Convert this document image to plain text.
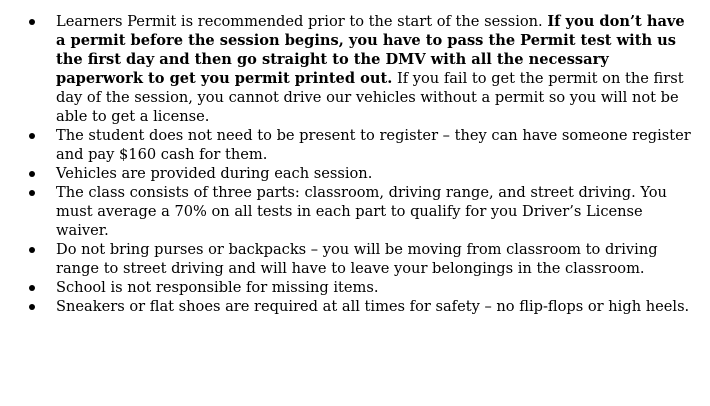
Learners Permit is recommended prior to the start of the session. If you don’t have a permit before the session begins, you have to pass the Permit test with us the first day and then go straight to the DMV with all the necessary paperwork to get you permit printed out. If you fail to get the permit on the first day of the session, you cannot drive our vehicles without a permit so you will not be able to get a license.
The student does not need to be present to register – they can have someone register and pay $160 cash for them.
Vehicles are provided during each session.
The class consists of three parts: classroom, driving range, and street driving. You must average a 70% on all tests in each part to qualify for you Driver’s License waiver.
Do not bring purses or backpacks – you will be moving from classroom to driving range to street driving and will have to leave your belongings in the classroom.
School is not responsible for missing items.
Sneakers or flat shoes are required at all times for safety – no flip-flops or high heels.
